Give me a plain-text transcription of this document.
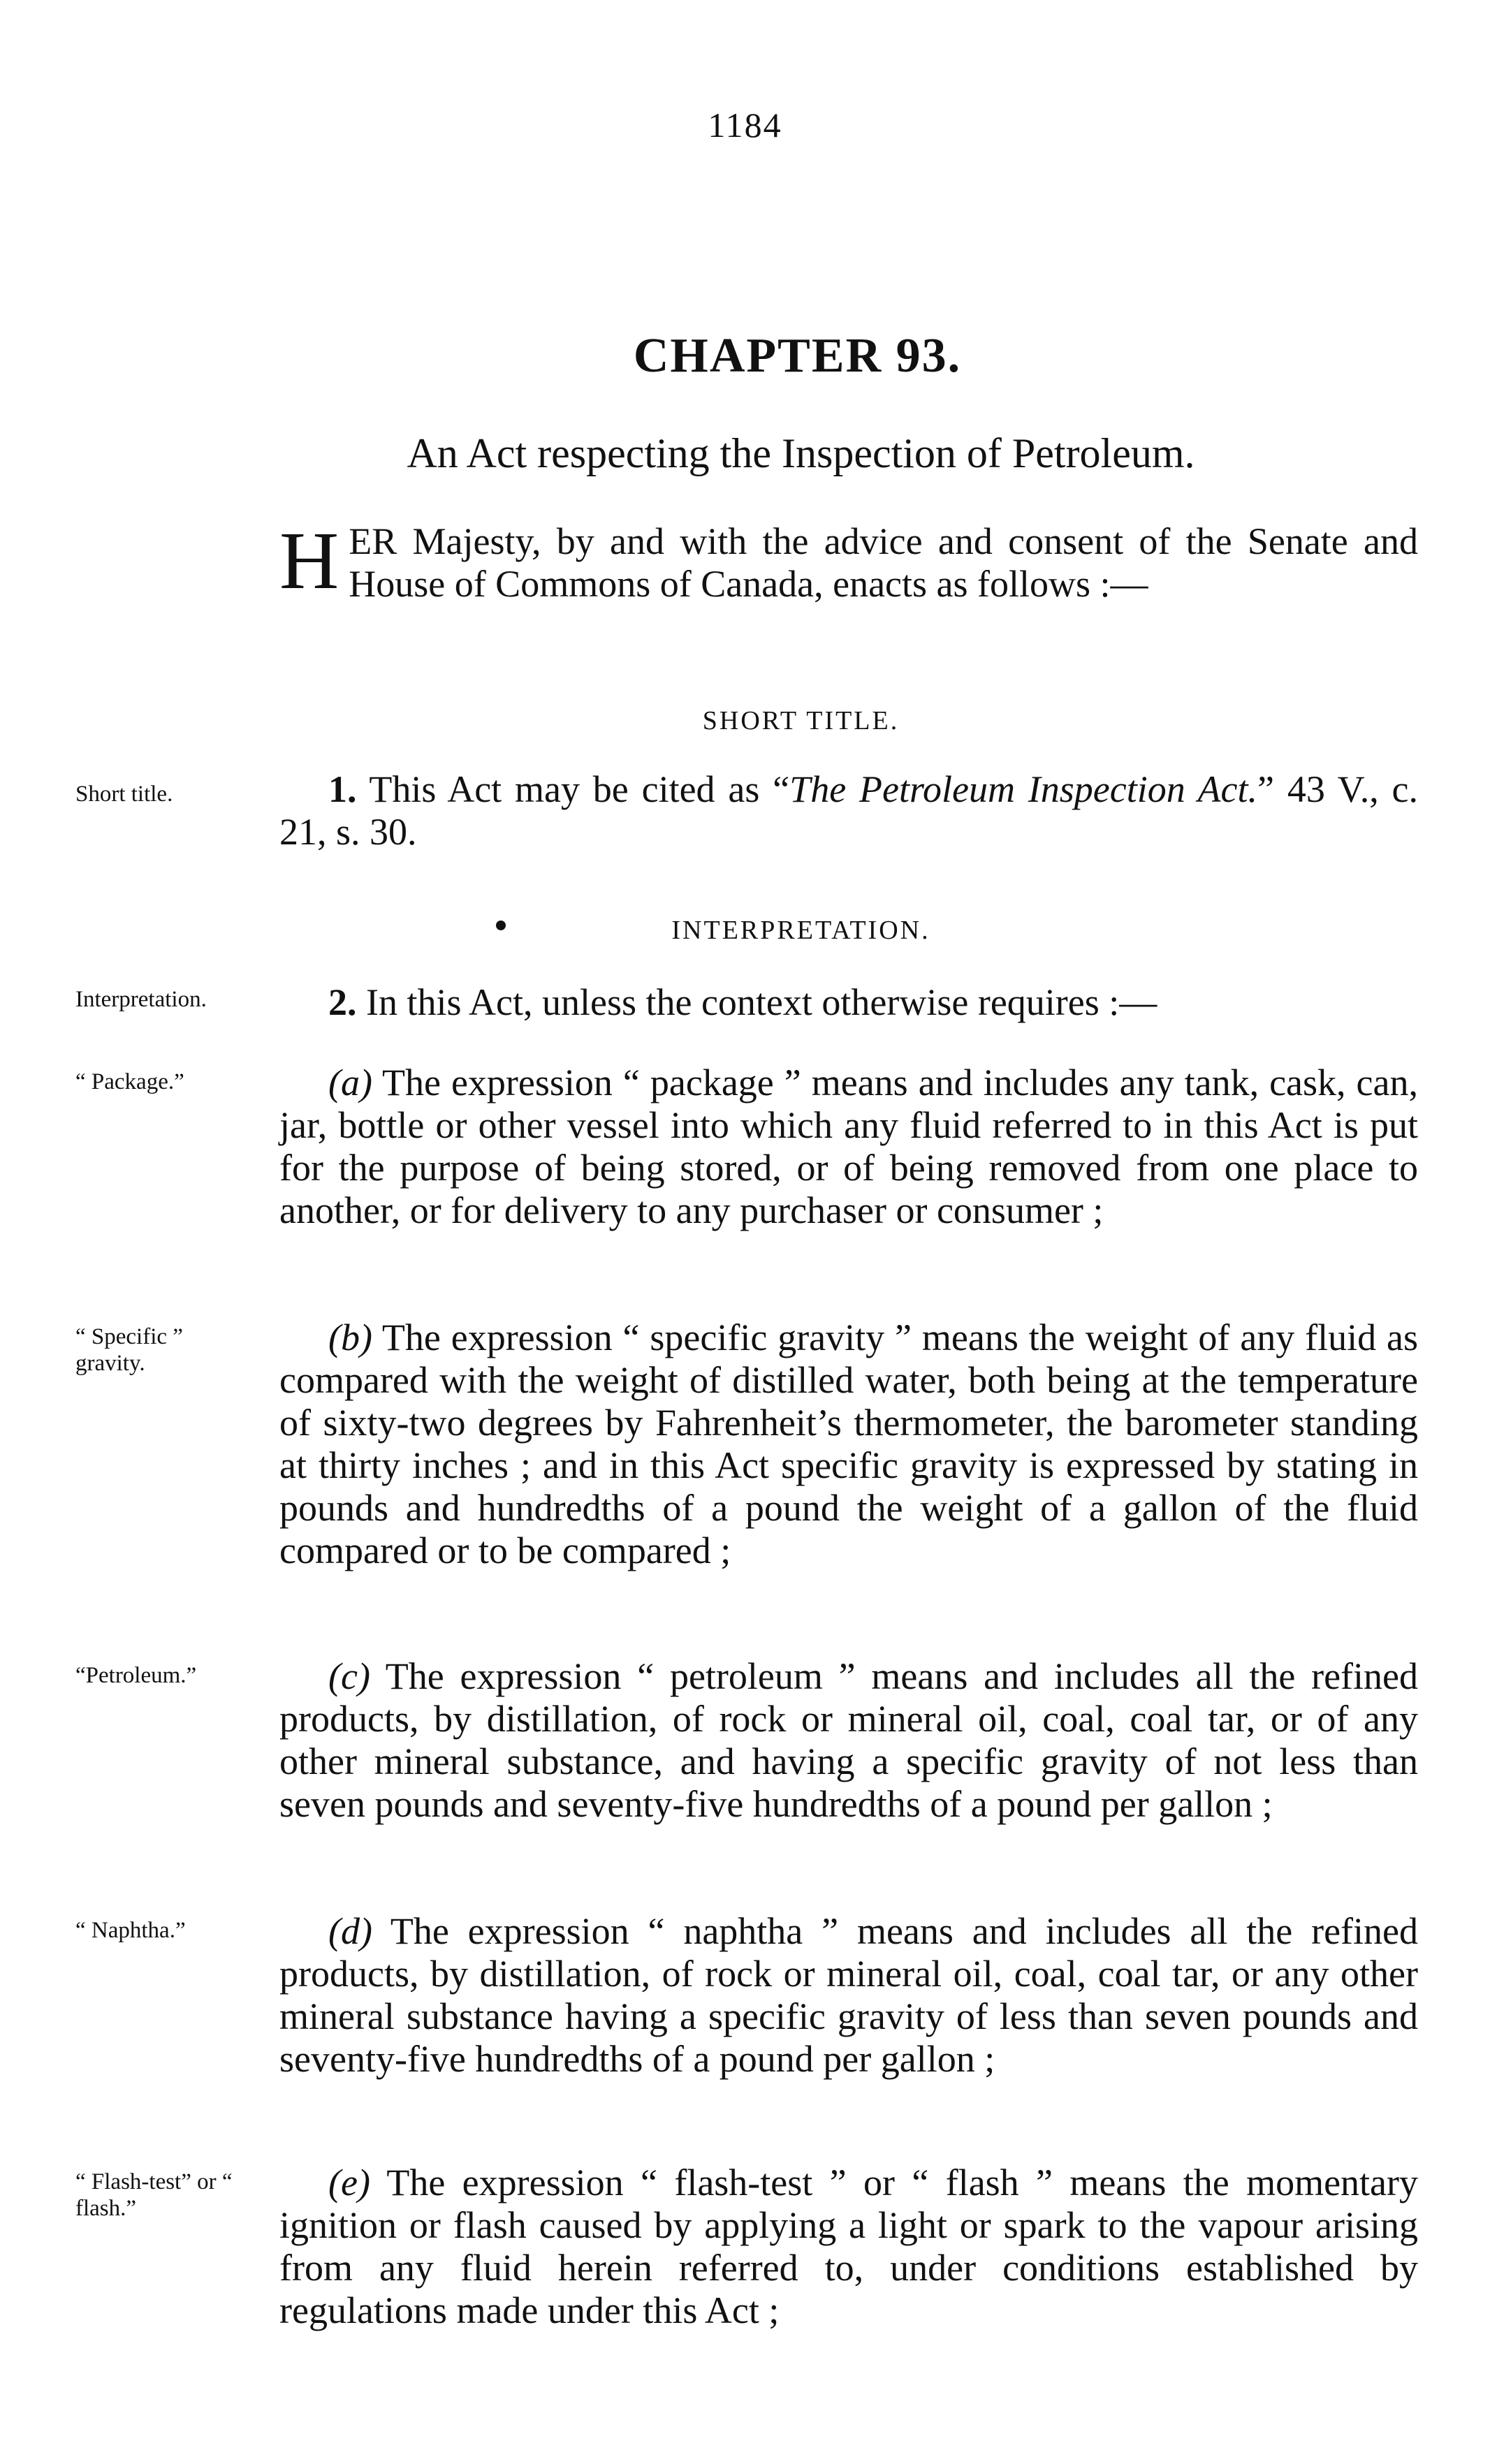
1184
CHAPTER 93.
An Act respecting the Inspection of Petroleum.
HER Majesty, by and with the advice and consent of the Senate and House of Commons of Canada, enacts as follows :—
SHORT TITLE.
Short title.	1. This Act may be cited as “The Petroleum Inspection Act.” 43 V., c. 21, s. 30.
INTERPRETATION.
Interpretation.	2. In this Act, unless the context otherwise requires :—
“ Package.”	(a) The expression “ package ” means and includes any tank, cask, can, jar, bottle or other vessel into which any fluid referred to in this Act is put for the purpose of being stored, or of being removed from one place to another, or for delivery to any purchaser or consumer ;
“ Specific ” gravity.
(b) The expression “ specific gravity ” means the weight of any fluid as compared with the weight of distilled water, both being at the temperature of sixty-two degrees by Fahrenheit’s thermometer, the barometer standing at thirty inches ; and in this Act specific gravity is expressed by stating in pounds and hundredths of a pound the weight of a gallon of the fluid compared or to be compared ;
“Petroleum.”	(c) The expression “ petroleum ” means and includes all the refined products, by distillation, of rock or mineral oil, coal, coal tar, or of any other mineral substance, and having a specific gravity of not less than seven pounds and seventy-five hundredths of a pound per gallon ;
“ Naphtha.”	(d) The expression “ naphtha ” means and includes all the refined products, by distillation, of rock or mineral oil, coal, coal tar, or any other mineral substance having a specific gravity of less than seven pounds and seventy-five hundredths of a pound per gallon ;
“ Flash-test” or “ flash.”
(e) The expression “ flash-test ” or “ flash ” means the momentary ignition or flash caused by applying a light or spark to the vapour arising from any fluid herein referred to, under conditions established by regulations made under this Act ;
